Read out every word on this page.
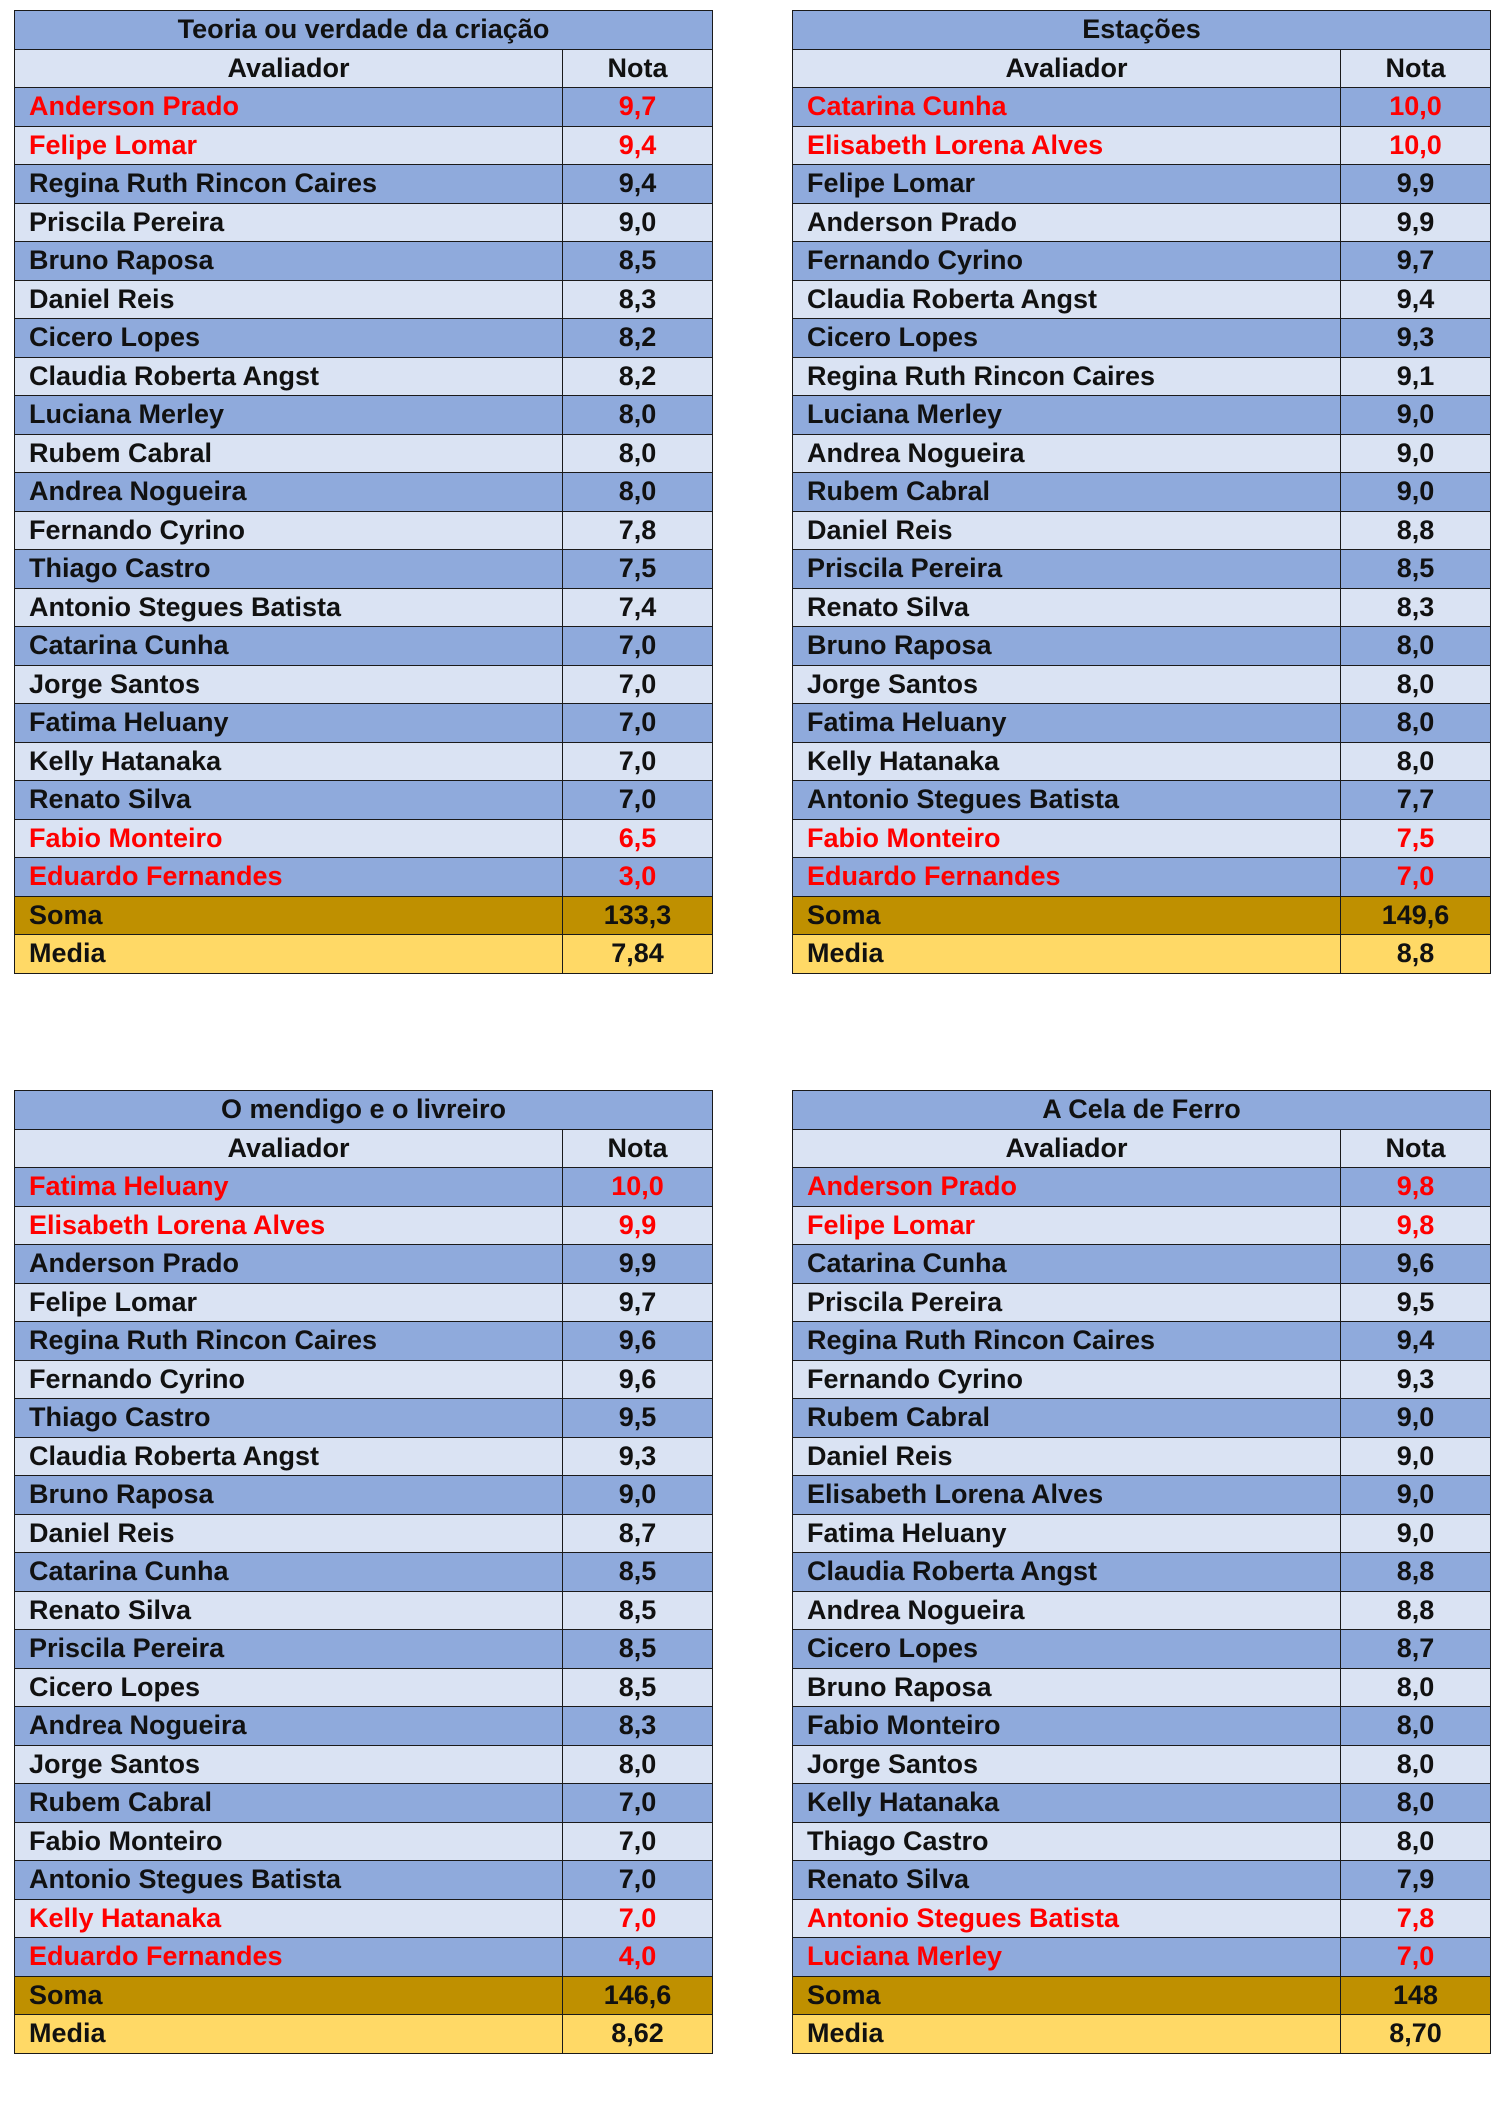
Teoria ou verdade da criação	
Avaliador	Nota
Anderson Prado	9,7
Felipe Lomar	9,4
Regina Ruth Rincon Caires	9,4
Priscila Pereira	9,0
Bruno Raposa	8,5
Daniel Reis	8,3
Cicero Lopes	8,2
Claudia Roberta Angst	8,2
Luciana Merley	8,0
Rubem Cabral	8,0
Andrea Nogueira	8,0
Fernando Cyrino	7,8
Thiago Castro	7,5
Antonio Stegues Batista	7,4
Catarina Cunha	7,0
Jorge Santos	7,0
Fatima Heluany	7,0
Kelly Hatanaka	7,0
Renato Silva	7,0
Fabio Monteiro	6,5
Eduardo Fernandes	3,0
Soma	133,3
Media	7,84
Estações	
Avaliador	Nota
Catarina Cunha	10,0
Elisabeth Lorena Alves	10,0
Felipe Lomar	9,9
Anderson Prado	9,9
Fernando Cyrino	9,7
Claudia Roberta Angst	9,4
Cicero Lopes	9,3
Regina Ruth Rincon Caires	9,1
Luciana Merley	9,0
Andrea Nogueira	9,0
Rubem Cabral	9,0
Daniel Reis	8,8
Priscila Pereira	8,5
Renato Silva	8,3
Bruno Raposa	8,0
Jorge Santos	8,0
Fatima Heluany	8,0
Kelly Hatanaka	8,0
Antonio Stegues Batista	7,7
Fabio Monteiro	7,5
Eduardo Fernandes	7,0
Soma	149,6
Media	8,8
O mendigo e o livreiro	
Avaliador	Nota
Fatima Heluany	10,0
Elisabeth Lorena Alves	9,9
Anderson Prado	9,9
Felipe Lomar	9,7
Regina Ruth Rincon Caires	9,6
Fernando Cyrino	9,6
Thiago Castro	9,5
Claudia Roberta Angst	9,3
Bruno Raposa	9,0
Daniel Reis	8,7
Catarina Cunha	8,5
Renato Silva	8,5
Priscila Pereira	8,5
Cicero Lopes	8,5
Andrea Nogueira	8,3
Jorge Santos	8,0
Rubem Cabral	7,0
Fabio Monteiro	7,0
Antonio Stegues Batista	7,0
Kelly Hatanaka	7,0
Eduardo Fernandes	4,0
Soma	146,6
Media	8,62
A Cela de Ferro	
Avaliador	Nota
Anderson Prado	9,8
Felipe Lomar	9,8
Catarina Cunha	9,6
Priscila Pereira	9,5
Regina Ruth Rincon Caires	9,4
Fernando Cyrino	9,3
Rubem Cabral	9,0
Daniel Reis	9,0
Elisabeth Lorena Alves	9,0
Fatima Heluany	9,0
Claudia Roberta Angst	8,8
Andrea Nogueira	8,8
Cicero Lopes	8,7
Bruno Raposa	8,0
Fabio Monteiro	8,0
Jorge Santos	8,0
Kelly Hatanaka	8,0
Thiago Castro	8,0
Renato Silva	7,9
Antonio Stegues Batista	7,8
Luciana Merley	7,0
Soma	148
Media	8,70
